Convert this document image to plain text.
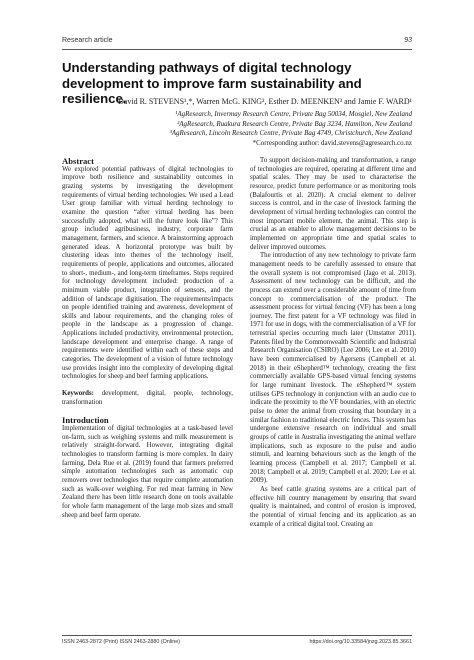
Research article	93
Understanding pathways of digital technology development to improve farm sustainability and resilience.
David R. STEVENS¹,*, Warren McG. KING², Esther D. MEENKEN³ and Jamie F. WARD¹
¹AgResearch, Invermay Research Centre, Private Bag 50034, Mosgiel, New Zealand
²AgResearch, Ruakura Research Centre, Private Bag 3234, Hamilton, New Zealand
³AgResearch, Lincoln Research Centre, Private Bag 4749, Christchurch, New Zealand
*Corresponding author: david.stevens@agresearch.co.nz
Abstract

We explored potential pathways of digital technologies to improve both resilience and sustainability outcomes in grazing systems by investigating the development requirements of virtual herding technologies. We used a Lead User group familiar with virtual herding technology to examine the question “after virtual herding has been successfully adopted, what will the future look like”? This group included agribusiness, industry, corporate farm management, farmers, and science. A brainstorming approach generated ideas. A horizontal prototype was built by clustering ideas into themes of the technology itself, requirements of people, applications and outcomes, allocated to short-, medium-, and long-term timeframes. Steps required for technology development included: production of a minimum viable product, integration of sensors, and the addition of landscape digitisation. The requirements/impacts on people identified training and awareness, development of skills and labour requirements, and the changing roles of people in the landscape as a progression of change. Applications included productivity, environmental protection, landscape development and enterprise change. A range of requirements were identified within each of these steps and categories. The development of a vision of future technology use provides insight into the complexity of developing digital technologies for sheep and beef farming applications.

Keywords: development, digital, people, technology, transformation

Introduction

Implementation of digital technologies at a task-based level on-farm, such as weighing systems and milk measurement is relatively straight-forward. However, integrating digital technologies to transform farming is more complex. In dairy farming, Dela Rue et al. (2019) found that farmers preferred simple automation technologies such as automatic cup removers over technologies that require complete automation such as walk-over weighing. For red meat farming in New Zealand there has been little research done on tools available for whole farm management of the large mob sizes and small sheep and beef farm operate.

To support decision-making and transformation, a range of technologies are required, operating at different time and spatial scales. They may be used to characterise the resource, predict future performance or as monitoring tools (Balafourtis et al. 2020). A crucial element to deliver success is control, and in the case of livestock farming the development of virtual herding technologies can control the most important mobile element, the animal. This step is crucial as an enabler to allow management decisions to be implemented on appropriate time and spatial scales to deliver improved outcomes.

The introduction of any new technology to private farm management needs to be carefully assessed to ensure that the overall system is not compromised (Jago et al. 2013). Assessment of new technology can be difficult, and the process can extend over a considerable amount of time from concept to commercialisation of the product. The assessment process for virtual fencing (VF) has been a long journey. The first patent for a VF technology was filed in 1971 for use in dogs, with the commercialisation of a VF for terrestrial species occurring much later (Umstatter 2011). Patents filed by the Commonwealth Scientific and Industrial Research Organisation (CSIRO) (Lee 2006; Lee et al. 2010) have been commercialised by Agersens (Campbell et al. 2018) in their eShepherd™ technology, creating the first commercially available GPS-based virtual fencing systems for large ruminant livestock. The eShepherd™ system utilises GPS technology in conjunction with an audio cue to indicate the proximity to the VF boundaries, with an electric pulse to deter the animal from crossing that boundary in a similar fashion to traditional electric fences. This system has undergone extensive research on individual and small groups of cattle in Australia investigating the animal welfare implications, such as exposure to the pulse and audio stimuli, and learning behaviours such as the length of the learning process (Campbell et al. 2017; Campbell et al. 2018; Campbell et al. 2019; Campbell et al. 2020; Lee et al. 2009).

As beef cattle grazing systems are a critical part of effective hill country management by ensuring that sward quality is maintained, and control of erosion is improved, the potential of virtual fencing and its application as an example of a critical digital tool. Creating an

ISSN 2463-2872 (Print) ISSN 2463-2880 (Online)	https://doi.org/10.33584/jnzg.2023.85.3661
